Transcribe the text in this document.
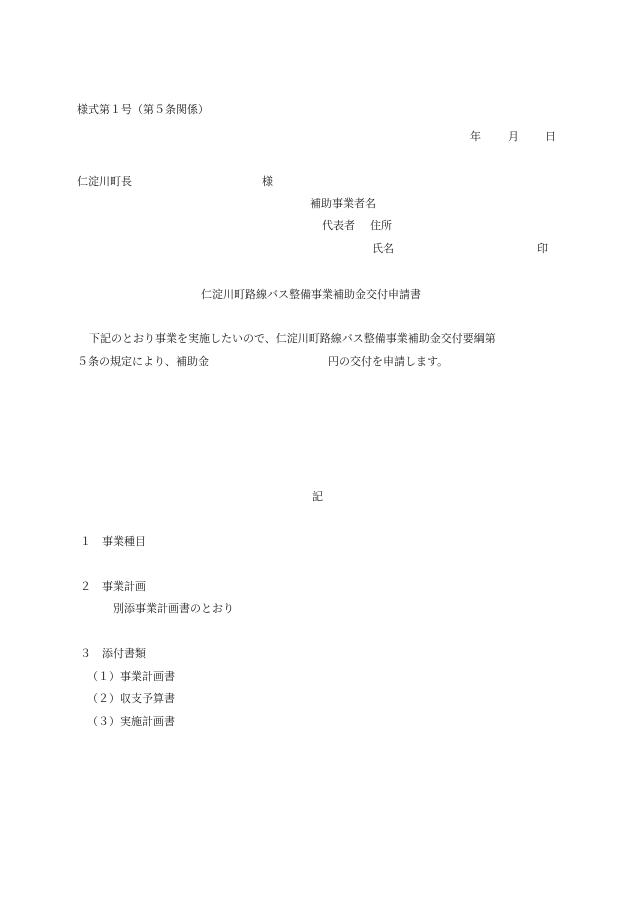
様式第１号（第５条関係）
年 月 日
仁淀川町長	様
補助事業者名
代表者 住所
氏名	印
仁淀川町路線バス整備事業補助金交付申請書
下記のとおり事業を実施したいので、仁淀川町路線バス整備事業補助金交付要綱第
５条の規定により、補助金	円の交付を申請します。
記
１ 事業種目
２ 事業計画
別添事業計画書のとおり
３ 添付書類
（１）事業計画書
（２）収支予算書
（３）実施計画書
